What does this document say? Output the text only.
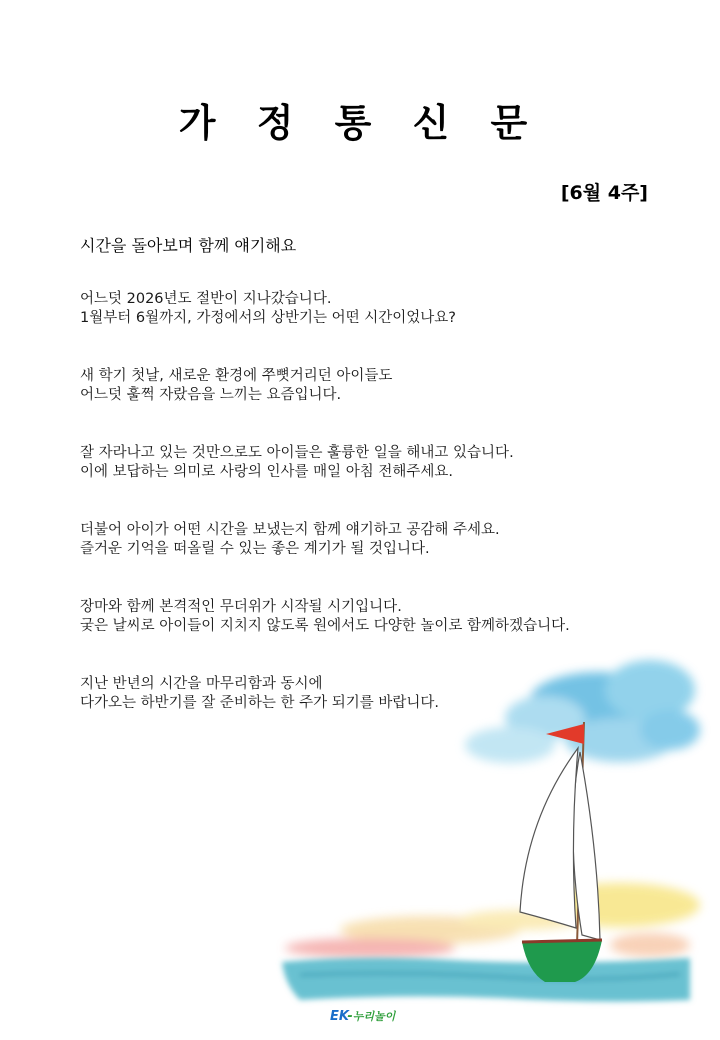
가 정 통 신 문
[6월 4주]
시간을 돌아보며 함께 얘기해요
어느덧 2026년도 절반이 지나갔습니다.
1월부터 6월까지, 가정에서의 상반기는 어떤 시간이었나요?
새 학기 첫날, 새로운 환경에 쭈뼛거리던 아이들도
어느덧 훌쩍 자랐음을 느끼는 요즘입니다.
잘 자라나고 있는 것만으로도 아이들은 훌륭한 일을 해내고 있습니다.
이에 보답하는 의미로 사랑의 인사를 매일 아침 전해주세요.
더불어 아이가 어떤 시간을 보냈는지 함께 얘기하고 공감해 주세요.
즐거운 기억을 떠올릴 수 있는 좋은 계기가 될 것입니다.
장마와 함께 본격적인 무더위가 시작될 시기입니다.
궂은 날씨로 아이들이 지치지 않도록 원에서도 다양한 놀이로 함께하겠습니다.
지난 반년의 시간을 마무리함과 동시에
다가오는 하반기를 잘 준비하는 한 주가 되기를 바랍니다.
EK-누리놀이
